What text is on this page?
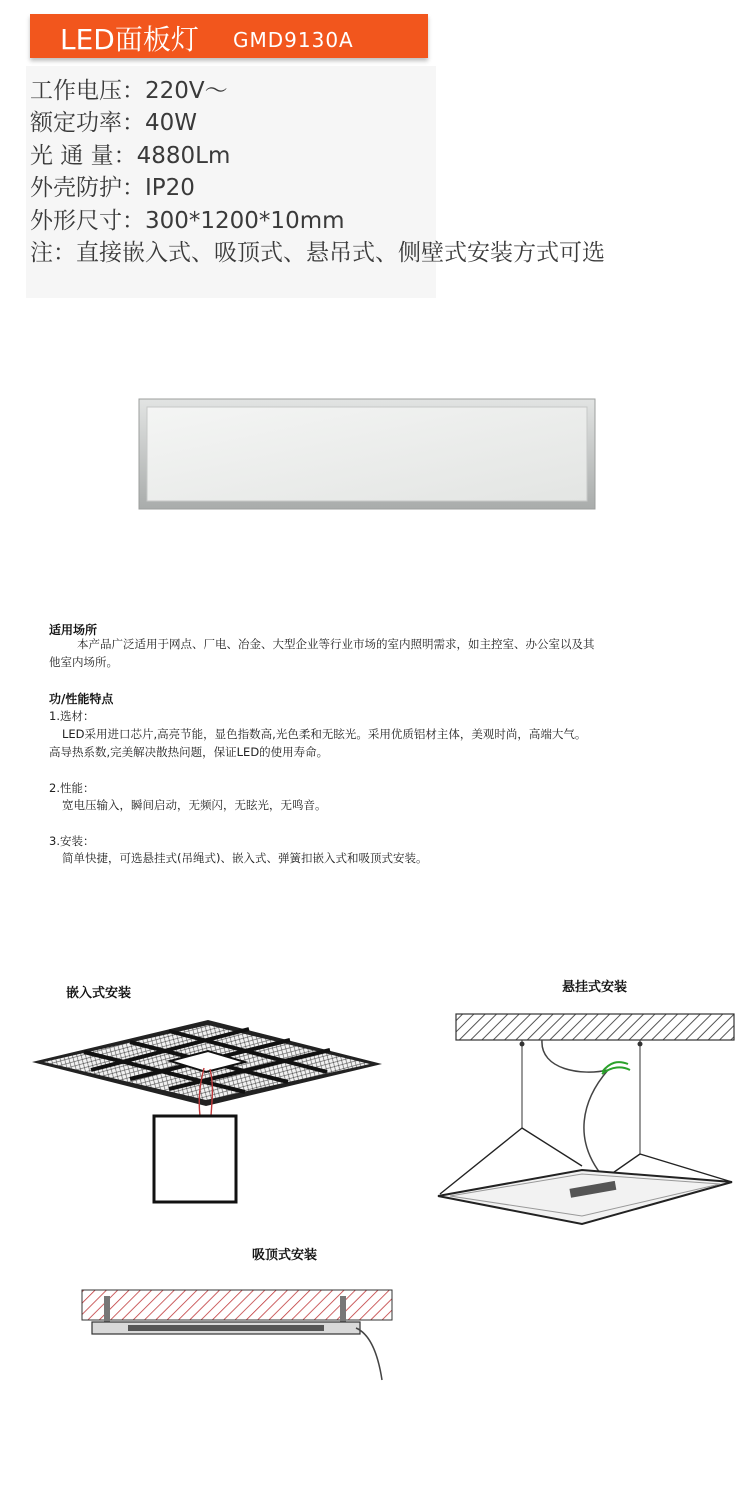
LED面板灯 GMD9130A
工作电压：220V～
额定功率：40W
光 通 量：4880Lm
外壳防护：IP20
外形尺寸：300*1200*10mm
注：直接嵌入式、吸顶式、悬吊式、侧壁式安装方式可选
适用场所
本产品广泛适用于网点、厂电、冶金、大型企业等行业市场的室内照明需求，如主控室、办公室以及其
他室内场所。
功/性能特点
1.选材：
LED采用进口芯片,高亮节能，显色指数高,光色柔和无眩光。采用优质铝材主体，美观时尚，高端大气。
高导热系数,完美解决散热问题，保证LED的使用寿命。
2.性能：
宽电压输入，瞬间启动，无频闪，无眩光，无鸣音。
3.安装：
简单快捷，可选悬挂式(吊绳式)、嵌入式、弹簧扣嵌入式和吸顶式安装。
嵌入式安装	悬挂式安装
吸顶式安装
